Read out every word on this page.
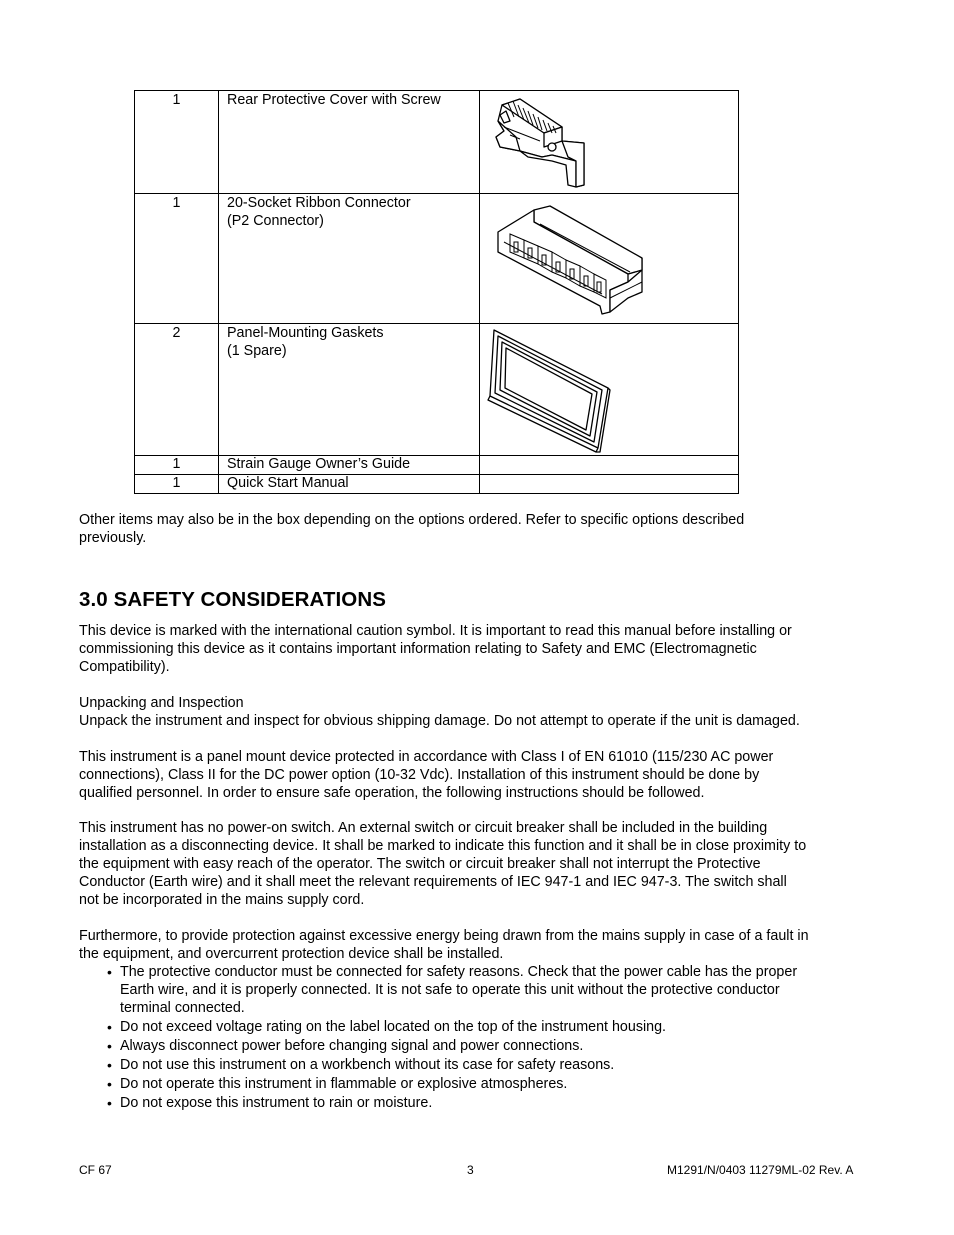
1	Rear Protective Cover with Screw

1	20-Socket Ribbon Connector
(P2 Connector)

2	Panel-Mounting Gaskets
(1 Spare)

1	Strain Gauge Owner’s Guide	

1	Quick Start Manual	

Other items may also be in the box depending on the options ordered. Refer to specific options described
previously.
3.0 SAFETY CONSIDERATIONS
This device is marked with the international caution symbol. It is important to read this manual before installing or
commissioning this device as it contains important information relating to Safety and EMC (Electromagnetic
Compatibility).
Unpacking and Inspection
Unpack the instrument and inspect for obvious shipping damage. Do not attempt to operate if the unit is damaged.
This instrument is a panel mount device protected in accordance with Class I of EN 61010 (115/230 AC power
connections), Class II for the DC power option (10-32 Vdc). Installation of this instrument should be done by
qualified personnel. In order to ensure safe operation, the following instructions should be followed.
This instrument has no power-on switch. An external switch or circuit breaker shall be included in the building
installation as a disconnecting device. It shall be marked to indicate this function and it shall be in close proximity to
the equipment with easy reach of the operator. The switch or circuit breaker shall not interrupt the Protective
Conductor (Earth wire) and it shall meet the relevant requirements of IEC 947-1 and IEC 947-3. The switch shall
not be incorporated in the mains supply cord.
Furthermore, to provide protection against excessive energy being drawn from the mains supply in case of a fault in
the equipment, and overcurrent protection device shall be installed.
• The protective conductor must be connected for safety reasons. Check that the power cable has the proper
Earth wire, and it is properly connected. It is not safe to operate this unit without the protective conductor
terminal connected.
• Do not exceed voltage rating on the label located on the top of the instrument housing.
• Always disconnect power before changing signal and power connections.
• Do not use this instrument on a workbench without its case for safety reasons.
• Do not operate this instrument in flammable or explosive atmospheres.
• Do not expose this instrument to rain or moisture.
CF 67	3	M1291/N/0403 11279ML-02 Rev. A
